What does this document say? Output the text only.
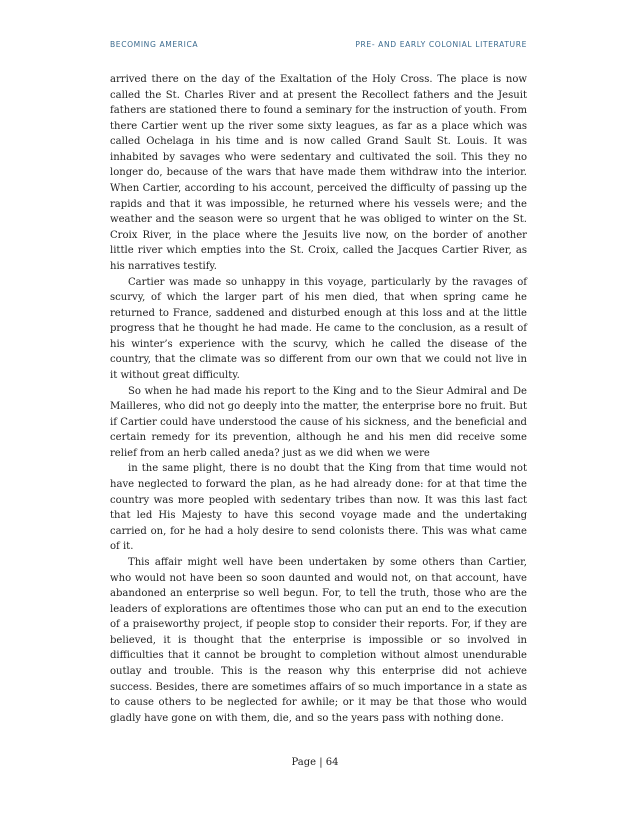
BECOMING AMERICA	PRE- AND EARLY COLONIAL LITERATURE

arrived there on the day of the Exaltation of the Holy Cross. The place is now called the St. Charles River and at present the Recollect fathers and the Jesuit fathers are stationed there to found a seminary for the instruction of youth. From there Cartier went up the river some sixty leagues, as far as a place which was called Ochelaga in his time and is now called Grand Sault St. Louis. It was inhabited by savages who were sedentary and cultivated the soil. This they no longer do, because of the wars that have made them withdraw into the interior. When Cartier, according to his account, perceived the difficulty of passing up the rapids and that it was impossible, he returned where his vessels were; and the weather and the season were so urgent that he was obliged to winter on the St. Croix River, in the place where the Jesuits live now, on the border of another little river which empties into the St. Croix, called the Jacques Cartier River, as his narratives testify.

Cartier was made so unhappy in this voyage, particularly by the ravages of scurvy, of which the larger part of his men died, that when spring came he returned to France, saddened and disturbed enough at this loss and at the little progress that he thought he had made. He came to the conclusion, as a result of his winter’s experience with the scurvy, which he called the disease of the country, that the climate was so different from our own that we could not live in it without great difficulty.

So when he had made his report to the King and to the Sieur Admiral and De Mailleres, who did not go deeply into the matter, the enterprise bore no fruit. But if Cartier could have understood the cause of his sickness, and the beneficial and certain remedy for its prevention, although he and his men did receive some relief from an herb called aneda? just as we did when we were

in the same plight, there is no doubt that the King from that time would not have neglected to forward the plan, as he had already done: for at that time the country was more peopled with sedentary tribes than now. It was this last fact that led His Majesty to have this second voyage made and the undertaking carried on, for he had a holy desire to send colonists there. This was what came of it.

This affair might well have been undertaken by some others than Cartier, who would not have been so soon daunted and would not, on that account, have abandoned an enterprise so well begun. For, to tell the truth, those who are the leaders of explorations are oftentimes those who can put an end to the execution of a praiseworthy project, if people stop to consider their reports. For, if they are believed, it is thought that the enterprise is impossible or so involved in difficulties that it cannot be brought to completion without almost unendurable outlay and trouble. This is the reason why this enterprise did not achieve success. Besides, there are sometimes affairs of so much importance in a state as to cause others to be neglected for awhile; or it may be that those who would gladly have gone on with them, die, and so the years pass with nothing done.

Page | 64
